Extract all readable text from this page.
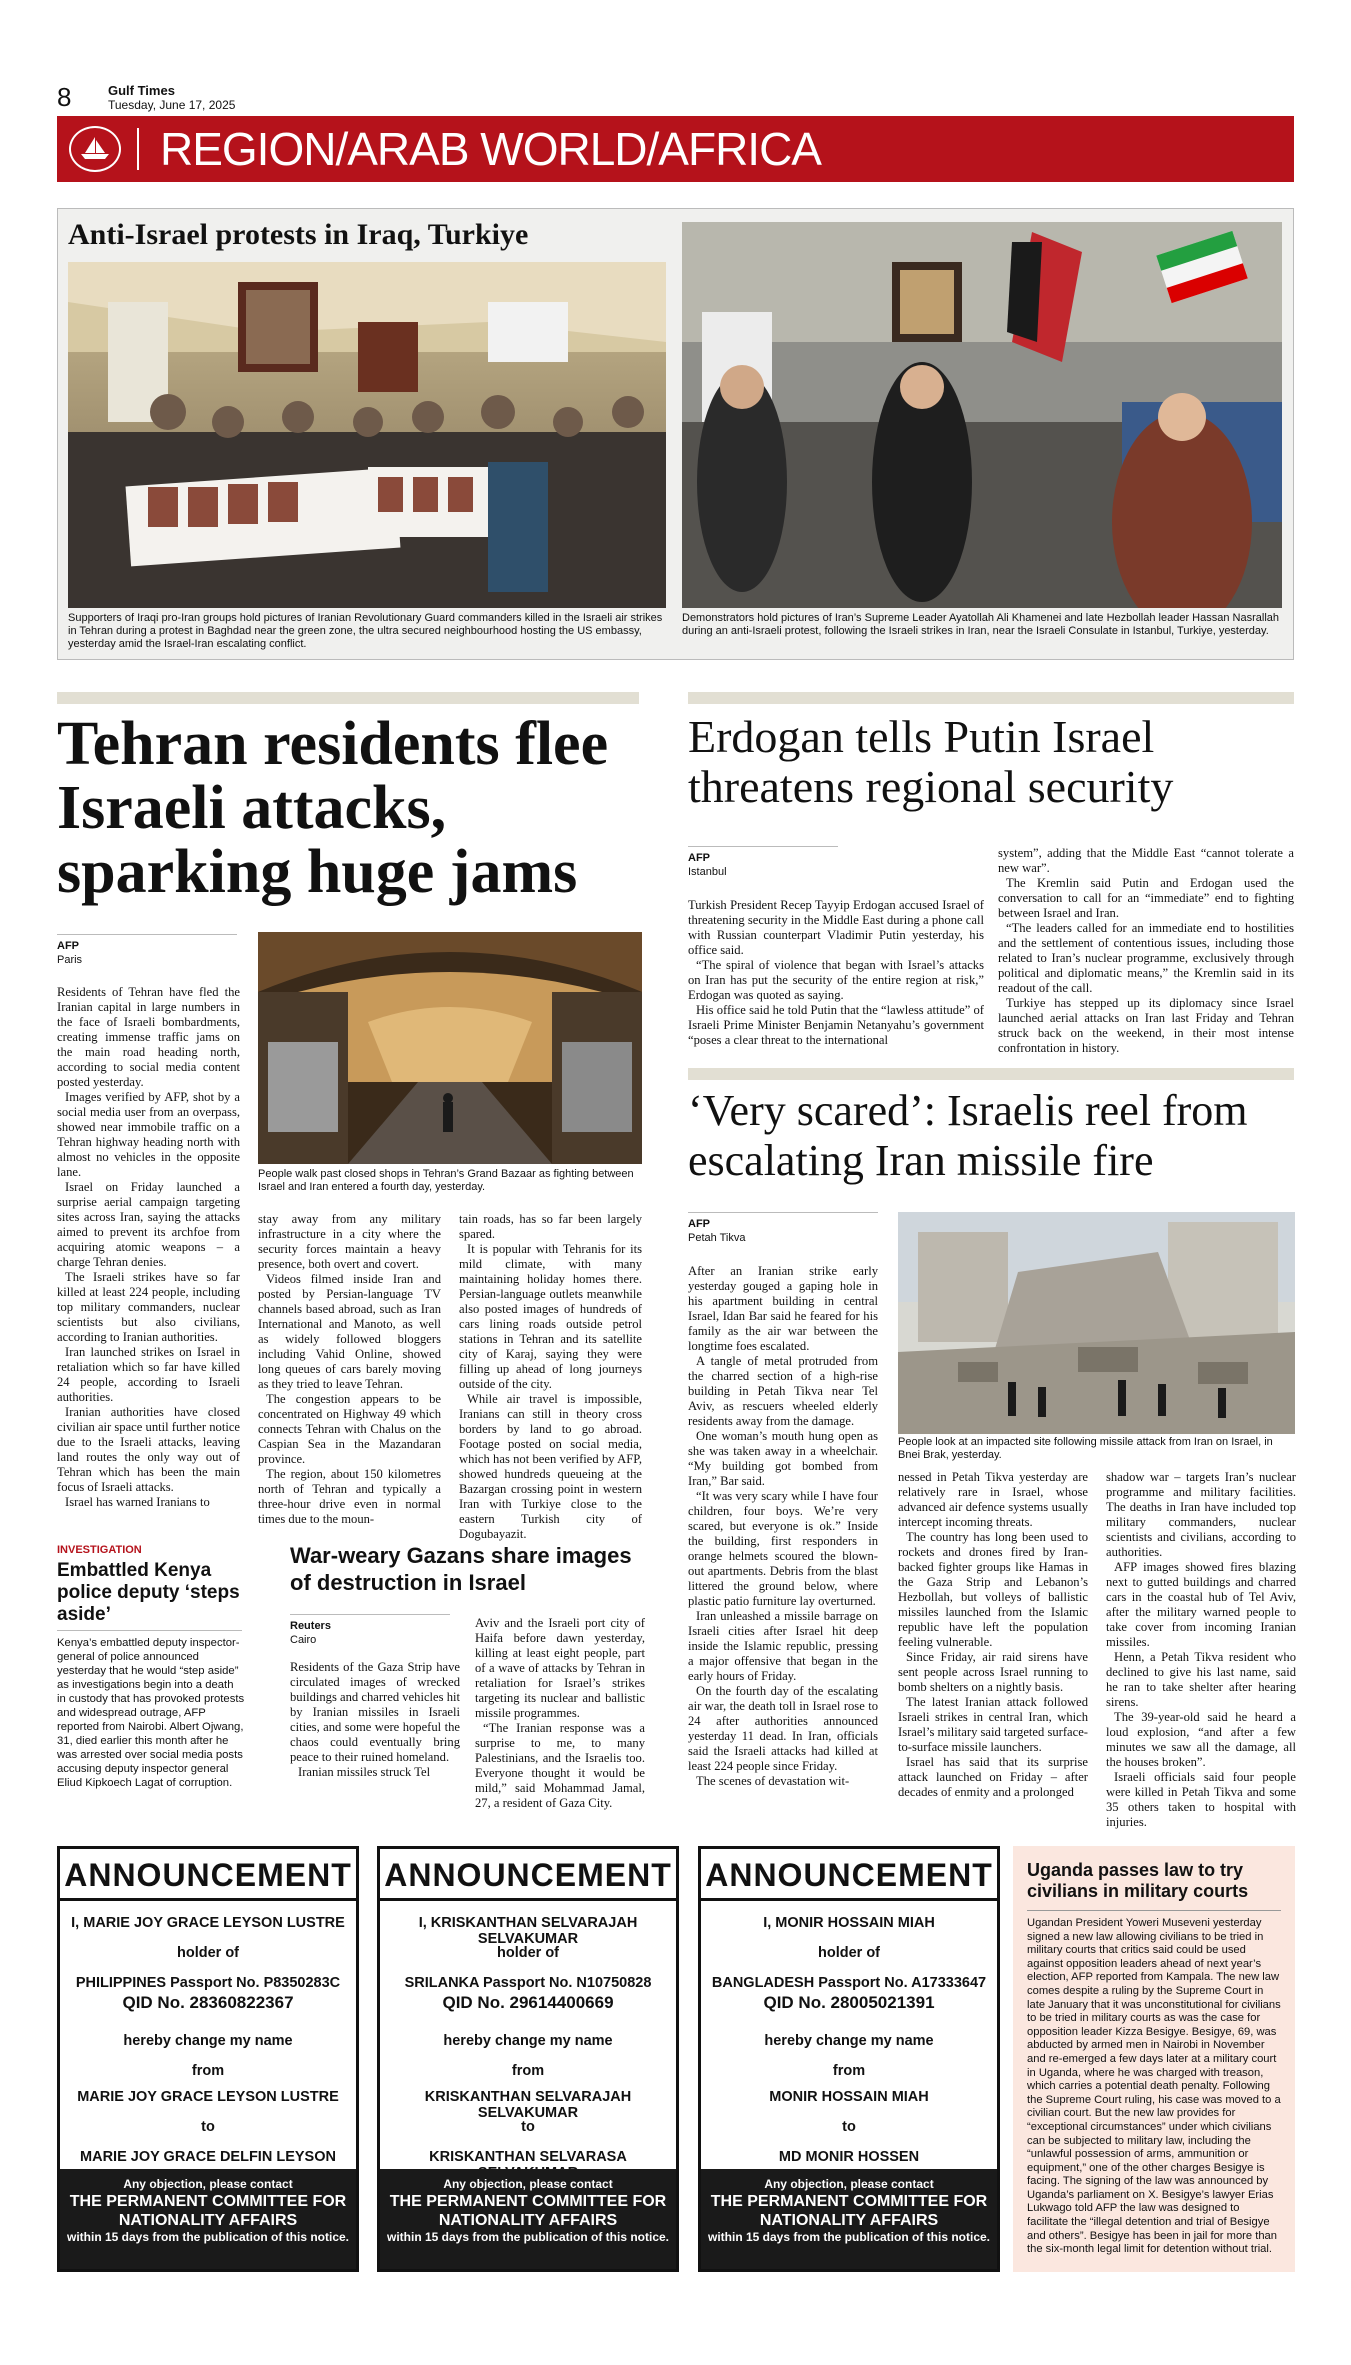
8	Gulf Times
Tuesday, June 17, 2025
REGION/ARAB WORLD/AFRICA
Anti-Israel protests in Iraq, Turkiye
Supporters of Iraqi pro-Iran groups hold pictures of Iranian Revolutionary Guard commanders killed in the Israeli air strikes in Tehran during a protest in Baghdad near the green zone, the ultra secured neighbourhood hosting the US embassy, yesterday amid the Israel-Iran escalating conflict.
Demonstrators hold pictures of Iran’s Supreme Leader Ayatollah Ali Khamenei and late Hezbollah leader Hassan Nasrallah during an anti-Israeli protest, following the Israeli strikes in Iran, near the Israeli Consulate in Istanbul, Turkiye, yesterday.
Tehran residents flee Israeli attacks, sparking huge jams
AFP
Paris
People walk past closed shops in Tehran’s Grand Bazaar as fighting between Israel and Iran entered a fourth day, yesterday.

Residents of Tehran have fled the Iranian capital in large numbers in the face of Israeli bombardments, creating immense traffic jams on the main road heading north, according to social media content posted yesterday.

Images verified by AFP, shot by a social media user from an overpass, showed near immobile traffic on a Tehran highway heading north with almost no vehicles in the opposite lane.

Israel on Friday launched a surprise aerial campaign targeting sites across Iran, saying the attacks aimed to prevent its archfoe from acquiring atomic weapons – a charge Tehran denies.

The Israeli strikes have so far killed at least 224 people, including top military commanders, nuclear scientists but also civilians, according to Iranian authorities.

Iran launched strikes on Israel in retaliation which so far have killed 24 people, according to Israeli authorities.

Iranian authorities have closed civilian air space until further notice due to the Israeli attacks, leaving land routes the only way out of Tehran which has been the main focus of Israeli attacks.

Israel has warned Iranians to

stay away from any military infrastructure in a city where the security forces maintain a heavy presence, both overt and covert.

Videos filmed inside Iran and posted by Persian-language TV channels based abroad, such as Iran International and Manoto, as well as widely followed bloggers including Vahid Online, showed long queues of cars barely moving as they tried to leave Tehran.

The congestion appears to be concentrated on Highway 49 which connects Tehran with Chalus on the Caspian Sea in the Mazandaran province.

The region, about 150 kilometres north of Tehran and typically a three-hour drive even in normal times due to the moun-

tain roads, has so far been largely spared.

It is popular with Tehranis for its mild climate, with many maintaining holiday homes there. Persian-language outlets meanwhile also posted images of hundreds of cars lining roads outside petrol stations in Tehran and its satellite city of Karaj, saying they were filling up ahead of long journeys outside of the city.

While air travel is impossible, Iranians can still in theory cross borders by land to go abroad. Footage posted on social media, which has not been verified by AFP, showed hundreds queueing at the Bazargan crossing point in western Iran with Turkiye close to the eastern Turkish city of Dogubayazit.

INVESTIGATION
Embattled Kenya police deputy ‘steps aside’
Kenya’s embattled deputy inspector-general of police announced yesterday that he would “step aside” as investigations begin into a death in custody that has provoked protests and widespread outrage, AFP reported from Nairobi. Albert Ojwang, 31, died earlier this month after he was arrested over social media posts accusing deputy inspector general Eliud Kipkoech Lagat of corruption.
War-weary Gazans share images of destruction in Israel
Reuters
Cairo

Residents of the Gaza Strip have circulated images of wrecked buildings and charred vehicles hit by Iranian missiles in Israeli cities, and some were hopeful the chaos could eventually bring peace to their ruined homeland.

Iranian missiles struck Tel

Aviv and the Israeli port city of Haifa before dawn yesterday, killing at least eight people, part of a wave of attacks by Tehran in retaliation for Israel’s strikes targeting its nuclear and ballistic missile programmes.

“The Iranian response was a surprise to me, to many Palestinians, and the Israelis too. Everyone thought it would be mild,” said Mohammad Jamal, 27, a resident of Gaza City.

Erdogan tells Putin Israel threatens regional security
AFP
Istanbul

Turkish President Recep Tayyip Erdogan accused Israel of threatening security in the Middle East during a phone call with Russian counterpart Vladimir Putin yesterday, his office said.

“The spiral of violence that began with Israel’s attacks on Iran has put the security of the entire region at risk,” Erdogan was quoted as saying.

His office said he told Putin that the “lawless attitude” of Israeli Prime Minister Benjamin Netanyahu’s government “poses a clear threat to the international

system”, adding that the Middle East “cannot tolerate a new war”.

The Kremlin said Putin and Erdogan used the conversation to call for an “immediate” end to fighting between Israel and Iran.

“The leaders called for an immediate end to hostilities and the settlement of contentious issues, including those related to Iran’s nuclear programme, exclusively through political and diplomatic means,” the Kremlin said in its readout of the call.

Turkiye has stepped up its diplomacy since Israel launched aerial attacks on Iran last Friday and Tehran struck back on the weekend, in their most intense confrontation in history.

‘Very scared’: Israelis reel from escalating Iran missile fire
AFP
Petah Tikva
People look at an impacted site following missile attack from Iran on Israel, in Bnei Brak, yesterday.

After an Iranian strike early yesterday gouged a gaping hole in his apartment building in central Israel, Idan Bar said he feared for his family as the air war between the longtime foes escalated.

A tangle of metal protruded from the charred section of a high-rise building in Petah Tikva near Tel Aviv, as rescuers wheeled elderly residents away from the damage.

One woman’s mouth hung open as she was taken away in a wheelchair. “My building got bombed from Iran,” Bar said.

“It was very scary while I have four children, four boys. We’re very scared, but everyone is ok.” Inside the building, first responders in orange helmets scoured the blown-out apartments. Debris from the blast littered the ground below, where plastic patio furniture lay overturned.

Iran unleashed a missile barrage on Israeli cities after Israel hit deep inside the Islamic republic, pressing a major offensive that began in the early hours of Friday.

On the fourth day of the escalating air war, the death toll in Israel rose to 24 after authorities announced yesterday 11 dead. In Iran, officials said the Israeli attacks had killed at least 224 people since Friday.

The scenes of devastation wit-

nessed in Petah Tikva yesterday are relatively rare in Israel, whose advanced air defence systems usually intercept incoming threats.

The country has long been used to rockets and drones fired by Iran-backed fighter groups like Hamas in the Gaza Strip and Lebanon’s Hezbollah, but volleys of ballistic missiles launched from the Islamic republic have left the population feeling vulnerable.

Since Friday, air raid sirens have sent people across Israel running to bomb shelters on a nightly basis.

The latest Iranian attack followed Israeli strikes in central Iran, which Israel’s military said targeted surface-to-surface missile launchers.

Israel has said that its surprise attack launched on Friday – after decades of enmity and a prolonged

shadow war – targets Iran’s nuclear programme and military facilities. The deaths in Iran have included top military commanders, nuclear scientists and civilians, according to authorities.

AFP images showed fires blazing next to gutted buildings and charred cars in the coastal hub of Tel Aviv, after the military warned people to take cover from incoming Iranian missiles.

Henn, a Petah Tikva resident who declined to give his last name, said he ran to take shelter after hearing sirens.

The 39-year-old said he heard a loud explosion, “and after a few minutes we saw all the damage, all the houses broken”.

Israeli officials said four people were killed in Petah Tikva and some 35 others taken to hospital with injuries.

ANNOUNCEMENT
I, MARIE JOY GRACE LEYSON LUSTRE
holder of
PHILIPPINES Passport No. P8350283C
QID No. 28360822367
hereby change my name
from
MARIE JOY GRACE LEYSON LUSTRE
to
MARIE JOY GRACE DELFIN LEYSON
Any objection, please contact
THE PERMANENT COMMITTEE FOR NATIONALITY AFFAIRS
within 15 days from the publication of this notice.
ANNOUNCEMENT
I, KRISKANTHAN SELVARAJAH SELVAKUMAR
holder of
SRILANKA Passport No. N10750828
QID No. 29614400669
hereby change my name
from
KRISKANTHAN SELVARAJAH SELVAKUMAR
to
KRISKANTHAN SELVARASA
Any objection, please contact
THE PERMANENT COMMITTEE FOR NATIONALITY AFFAIRS
within 15 days from the publication of this notice.
ANNOUNCEMENT
I, MONIR HOSSAIN MIAH
holder of
BANGLADESH Passport No. A17333647
QID No. 28005021391
hereby change my name
from
MONIR HOSSAIN MIAH
to
MD MONIR HOSSEN
Any objection, please contact
THE PERMANENT COMMITTEE FOR NATIONALITY AFFAIRS
within 15 days from the publication of this notice.
Uganda passes law to try civilians in military courts
Ugandan President Yoweri Museveni yesterday signed a new law allowing civilians to be tried in military courts that critics said could be used against opposition leaders ahead of next year’s election, AFP reported from Kampala. The new law comes despite a ruling by the Supreme Court in late January that it was unconstitutional for civilians to be tried in military courts as was the case for opposition leader Kizza Besigye. Besigye, 69, was abducted by armed men in Nairobi in November and re-emerged a few days later at a military court in Uganda, where he was charged with treason, which carries a potential death penalty. Following the Supreme Court ruling, his case was moved to a civilian court. But the new law provides for “exceptional circumstances” under which civilians can be subjected to military law, including the “unlawful possession of arms, ammunition or equipment,” one of the other charges Besigye is facing. The signing of the law was announced by Uganda’s parliament on X. Besigye’s lawyer Erias Lukwago told AFP the law was designed to facilitate the “illegal detention and trial of Besigye and others”. Besigye has been in jail for more than the six-month legal limit for detention without trial.
